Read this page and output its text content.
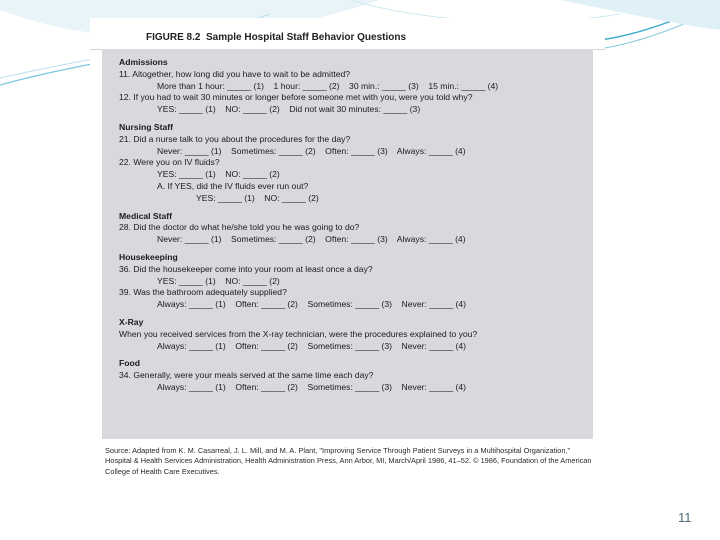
FIGURE 8.2 Sample Hospital Staff Behavior Questions
Admissions
11. Altogether, how long did you have to wait to be admitted?
More than 1 hour: _____ (1)    1 hour: _____ (2)    30 min.: _____ (3)    15 min.: _____ (4)
12. If you had to wait 30 minutes or longer before someone met with you, were you told why?
YES: _____ (1)    NO: _____ (2)    Did not wait 30 minutes: _____ (3)
Nursing Staff
21. Did a nurse talk to you about the procedures for the day?
Never: _____ (1)    Sometimes: _____ (2)    Often: _____ (3)    Always: _____ (4)
22. Were you on IV fluids?
YES: _____ (1)    NO: _____ (2)
A. If YES, did the IV fluids ever run out?
YES: _____ (1)    NO: _____ (2)
Medical Staff
28. Did the doctor do what he/she told you he was going to do?
Never: _____ (1)    Sometimes: _____ (2)    Often: _____ (3)    Always: _____ (4)
Housekeeping
36. Did the housekeeper come into your room at least once a day?
YES: _____ (1)    NO: _____ (2)
39. Was the bathroom adequately supplied?
Always: _____ (1)    Often: _____ (2)    Sometimes: _____ (3)    Never: _____ (4)
X-Ray
When you received services from the X-ray technician, were the procedures explained to you?
Always: _____ (1)    Often: _____ (2)    Sometimes: _____ (3)    Never: _____ (4)
Food
34. Generally, were your meals served at the same time each day?
Always: _____ (1)    Often: _____ (2)    Sometimes: _____ (3)    Never: _____ (4)
Source: Adapted from K. M. Casarreal, J. L. Mill, and M. A. Plant, "Improving Service Through Patient Surveys in a Multihospital Organization," Hospital & Health Services Administration, Health Administration Press, Ann Arbor, MI, March/April 1986, 41–52. © 1986, Foundation of the American College of Health Care Executives.
11
